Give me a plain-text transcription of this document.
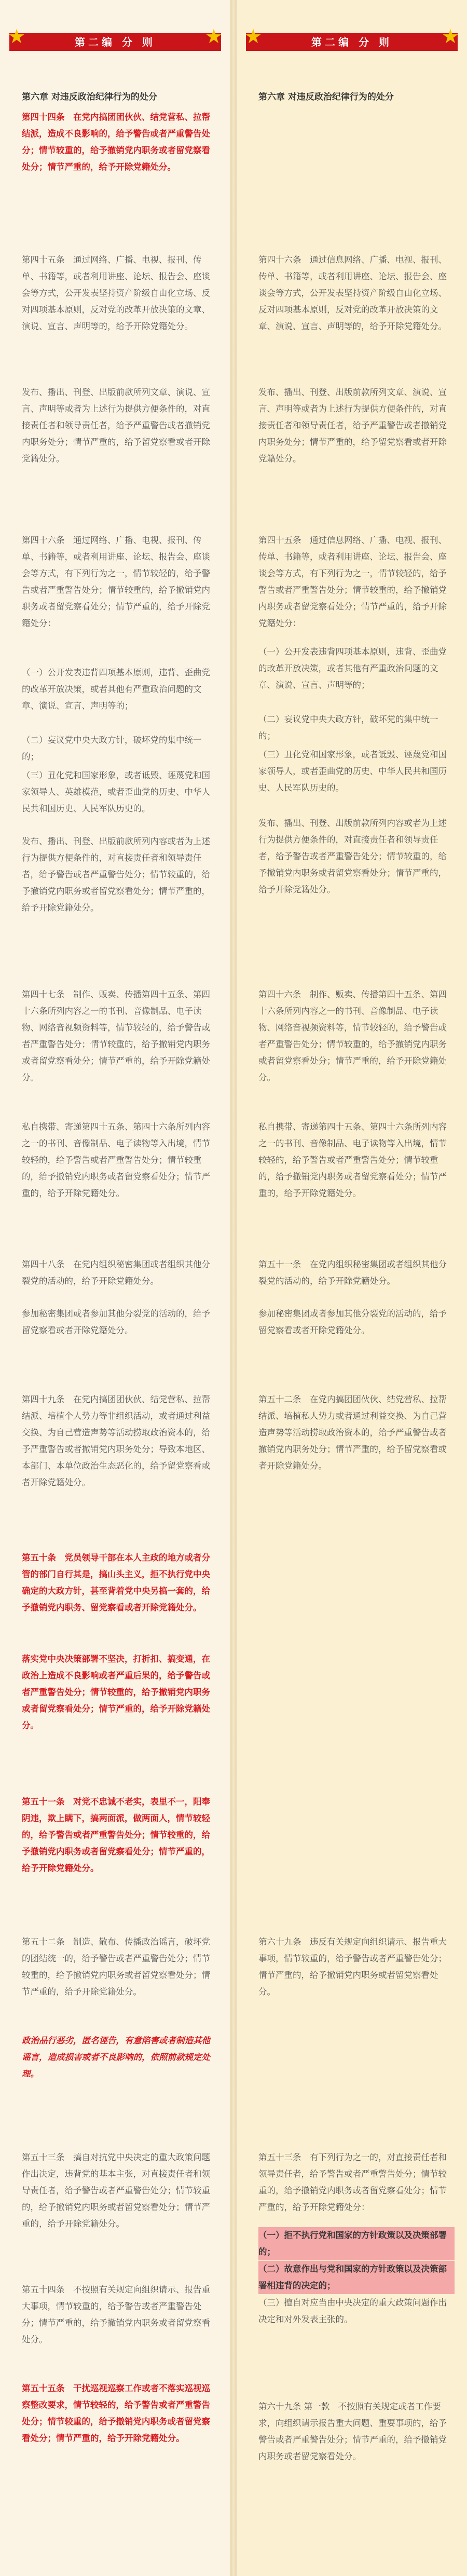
★	第二编 分 则 ★
第六章 对违反政治纪律行为的处分
第四十四条　在党内搞团团伙伙、结党营私、拉帮结派，造成不良影响的，给予警告或者严重警告处分；情节较重的，给予撤销党内职务或者留党察看处分；情节严重的，给予开除党籍处分。
第四十五条　通过网络、广播、电视、报刊、传单、书籍等，或者利用讲座、论坛、报告会、座谈会等方式，公开发表坚持资产阶级自由化立场、反对四项基本原则，反对党的改革开放决策的文章、演说、宣言、声明等的，给予开除党籍处分。
发布、播出、刊登、出版前款所列文章、演说、宣言、声明等或者为上述行为提供方便条件的，对直接责任者和领导责任者，给予严重警告或者撤销党内职务处分；情节严重的，给予留党察看或者开除党籍处分。
第四十六条　通过网络、广播、电视、报刊、传单、书籍等，或者利用讲座、论坛、报告会、座谈会等方式，有下列行为之一，情节较轻的，给予警告或者严重警告处分；情节较重的，给予撤销党内职务或者留党察看处分；情节严重的，给予开除党籍处分：
（一）公开发表违背四项基本原则，违背、歪曲党的改革开放决策，或者其他有严重政治问题的文章、演说、宣言、声明等的；
（二）妄议党中央大政方针，破坏党的集中统一的；
（三）丑化党和国家形象，或者诋毁、诬蔑党和国家领导人、英雄模范，或者歪曲党的历史、中华人民共和国历史、人民军队历史的。
发布、播出、刊登、出版前款所列内容或者为上述行为提供方便条件的，对直接责任者和领导责任者，给予警告或者严重警告处分；情节较重的，给予撤销党内职务或者留党察看处分；情节严重的，给予开除党籍处分。
第四十七条　制作、贩卖、传播第四十五条、第四十六条所列内容之一的书刊、音像制品、电子读物、网络音视频资料等，情节较轻的，给予警告或者严重警告处分；情节较重的，给予撤销党内职务或者留党察看处分；情节严重的，给予开除党籍处分。
私自携带、寄递第四十五条、第四十六条所列内容之一的书刊、音像制品、电子读物等入出境，情节较轻的，给予警告或者严重警告处分；情节较重的，给予撤销党内职务或者留党察看处分；情节严重的，给予开除党籍处分。
第四十八条　在党内组织秘密集团或者组织其他分裂党的活动的，给予开除党籍处分。
参加秘密集团或者参加其他分裂党的活动的，给予留党察看或者开除党籍处分。
第四十九条　在党内搞团团伙伙、结党营私、拉帮结派、培植个人势力等非组织活动，或者通过利益交换、为自己营造声势等活动捞取政治资本的，给予严重警告或者撤销党内职务处分；导致本地区、本部门、本单位政治生态恶化的，给予留党察看或者开除党籍处分。
第五十条　党员领导干部在本人主政的地方或者分管的部门自行其是，搞山头主义，拒不执行党中央确定的大政方针，甚至背着党中央另搞一套的，给予撤销党内职务、留党察看或者开除党籍处分。
落实党中央决策部署不坚决，打折扣、搞变通，在政治上造成不良影响或者严重后果的，给予警告或者严重警告处分；情节较重的，给予撤销党内职务或者留党察看处分；情节严重的，给予开除党籍处分。
第五十一条　对党不忠诚不老实，表里不一，阳奉阴违，欺上瞒下，搞两面派，做两面人，情节较轻的，给予警告或者严重警告处分；情节较重的，给予撤销党内职务或者留党察看处分；情节严重的，给予开除党籍处分。
第五十二条　制造、散布、传播政治谣言，破坏党的团结统一的，给予警告或者严重警告处分；情节较重的，给予撤销党内职务或者留党察看处分；情节严重的，给予开除党籍处分。
政治品行恶劣，匿名诬告，有意陷害或者制造其他谣言，造成损害或者不良影响的，依照前款规定处理。
第五十三条　搞自对抗党中央决定的重大政策问题作出决定，违背党的基本主张，对直接责任者和领导责任者，给予警告或者严重警告处分；情节较重的，给予撤销党内职务或者留党察看处分；情节严重的，给予开除党籍处分。
第五十四条　不按照有关规定向组织请示、报告重大事项，情节较重的，给予警告或者严重警告处分；情节严重的，给予撤销党内职务或者留党察看处分。
第五十五条　干扰巡视巡察工作或者不落实巡视巡察整改要求，情节较轻的，给予警告或者严重警告处分；情节较重的，给予撤销党内职务或者留党察看处分；情节严重的，给予开除党籍处分。
★	第二编 分 则 ★
第六章 对违反政治纪律行为的处分
第四十六条　通过信息网络、广播、电视、报刊、传单、书籍等，或者利用讲座、论坛、报告会、座谈会等方式，公开发表坚持资产阶级自由化立场、反对四项基本原则，反对党的改革开放决策的文章、演说、宣言、声明等的，给予开除党籍处分。
发布、播出、刊登、出版前款所列文章、演说、宣言、声明等或者为上述行为提供方便条件的，对直接责任者和领导责任者，给予严重警告或者撤销党内职务处分；情节严重的，给予留党察看或者开除党籍处分。
第四十五条　通过信息网络、广播、电视、报刊、传单、书籍等，或者利用讲座、论坛、报告会、座谈会等方式，有下列行为之一，情节较轻的，给予警告或者严重警告处分；情节较重的，给予撤销党内职务或者留党察看处分；情节严重的，给予开除党籍处分：
（一）公开发表违背四项基本原则，违背、歪曲党的改革开放决策，或者其他有严重政治问题的文章、演说、宣言、声明等的；
（二）妄议党中央大政方针，破坏党的集中统一的；
（三）丑化党和国家形象，或者诋毁、诬蔑党和国家领导人，或者歪曲党的历史、中华人民共和国历史、人民军队历史的。
发布、播出、刊登、出版前款所列内容或者为上述行为提供方便条件的，对直接责任者和领导责任者，给予警告或者严重警告处分；情节较重的，给予撤销党内职务或者留党察看处分；情节严重的，给予开除党籍处分。
第四十六条　制作、贩卖、传播第四十五条、第四十六条所列内容之一的书刊、音像制品、电子读物、网络音视频资料等，情节较轻的，给予警告或者严重警告处分；情节较重的，给予撤销党内职务或者留党察看处分；情节严重的，给予开除党籍处分。
私自携带、寄递第四十五条、第四十六条所列内容之一的书刊、音像制品、电子读物等入出境，情节较轻的，给予警告或者严重警告处分；情节较重的，给予撤销党内职务或者留党察看处分；情节严重的，给予开除党籍处分。
第五十一条　在党内组织秘密集团或者组织其他分裂党的活动的，给予开除党籍处分。
参加秘密集团或者参加其他分裂党的活动的，给予留党察看或者开除党籍处分。
第五十二条　在党内搞团团伙伙、结党营私、拉帮结派、培植私人势力或者通过利益交换、为自己营造声势等活动捞取政治资本的，给予严重警告或者撤销党内职务处分；情节严重的，给予留党察看或者开除党籍处分。
第六十九条　违反有关规定向组织请示、报告重大事项，情节较重的，给予警告或者严重警告处分；情节严重的，给予撤销党内职务或者留党察看处分。
第五十三条　有下列行为之一的，对直接责任者和领导责任者，给予警告或者严重警告处分；情节较重的，给予撤销党内职务或者留党察看处分；情节严重的，给予开除党籍处分：
（一）拒不执行党和国家的方针政策以及决策部署的；
（二）故意作出与党和国家的方针政策以及决策部署相违背的决定的；
（三）擅自对应当由中央决定的重大政策问题作出决定和对外发表主张的。
第六十九条 第一款　不按照有关规定或者工作要求，向组织请示报告重大问题、重要事项的，给予警告或者严重警告处分；情节严重的，给予撤销党内职务或者留党察看处分。
